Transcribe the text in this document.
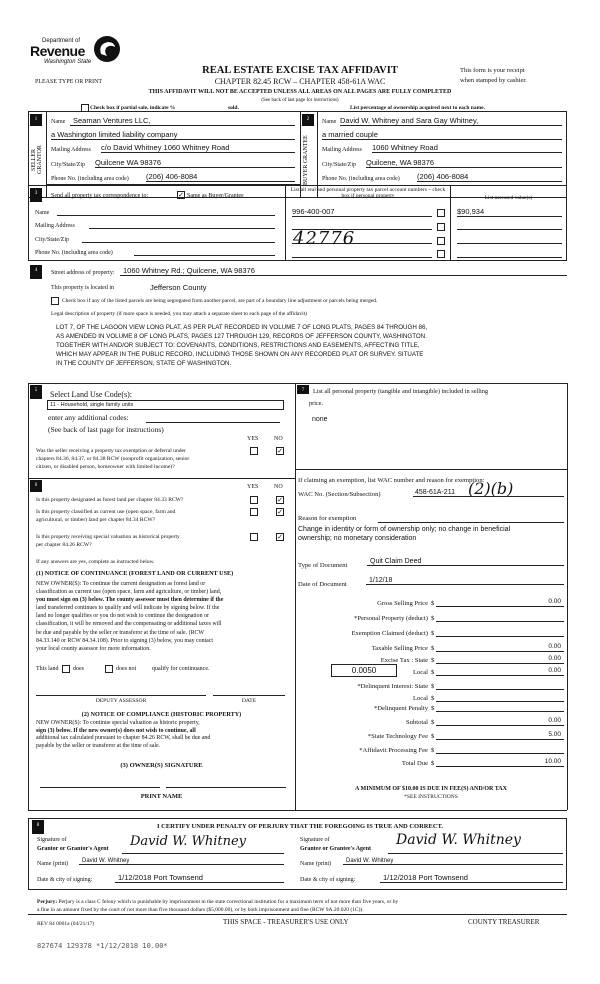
Department of
Revenue
Washington State
REAL ESTATE EXCISE TAX AFFIDAVIT
CHAPTER 82.45 RCW – CHAPTER 458-61A WAC
This form is your receipt
when stamped by cashier.
PLEASE TYPE OR PRINT
THIS AFFIDAVIT WILL NOT BE ACCEPTED UNLESS ALL AREAS ON ALL PAGES ARE FULLY COMPLETED
(See back of last page for instructions)
Check box if partial sale, indicate %	sold.	List percentage of ownership acquired next to each name.
1	2
SELLER GRANTOR	BUYER GRANTEE
Name	Seaman Ventures LLC,
a Washington limited liability company
Mailing Address c/o David Whitney 1060 Whitney Road
City/State/Zip Quilcene WA 98376
Phone No. (including area code) (206) 406-8084
Name David W. Whitney and Sara Gay Whitney,
a married couple
Mailing Address 1060 Whitney Road
City/State/Zip Quilcene, WA 98376
Phone No. (including area code) (206) 406-8084
3	Send all property tax correspondence to:	✓ Same as Buyer/Grantee
Name
Mailing Address
City/State/Zip
Phone No. (including area code)
List all real and personal property tax parcel account numbers – check box if personal property	List assessed value(s)
996-400-007
42776
$90,934
4	Street address of property:	1060 Whitney Rd.; Quilcene, WA 98376
This property is located in	Jefferson County
Check box if any of the listed parcels are being segregated from another parcel, are part of a boundary line adjustment or parcels being merged.
Legal description of property (if more space is needed, you may attach a separate sheet to each page of the affidavit)
LOT 7, OF THE LAGOON VIEW LONG PLAT, AS PER PLAT RECORDED IN VOLUME 7 OF LONG PLATS, PAGES 84 THROUGH 86,
AS AMENDED IN VOLUME 8 OF LONG PLATS, PAGES 127 THROUGH 129, RECORDS OF JEFFERSON COUNTY, WASHINGTON.
TOGETHER WITH AND/OR SUBJECT TO: COVENANTS, CONDITIONS, RESTRICTIONS AND EASEMENTS, AFFECTING TITLE,
WHICH MAY APPEAR IN THE PUBLIC RECORD, INCLUDING THOSE SHOWN ON ANY RECORDED PLAT OR SURVEY. SITUATE
IN THE COUNTY OF JEFFERSON, STATE OF WASHINGTON.
5	Select Land Use Code(s):
11 - Household, single family units
enter any additional codes:
(See back of last page for instructions)
YES	NO
Was the seller receiving a property tax exemption or deferral under
chapters 84.36, 84.37, or 84.38 RCW (nonprofit organization, senior
citizen, or disabled person, homeowner with limited income)?
✓
6	YES	NO
Is this property designated as forest land per chapter 84.33 RCW?	✓
Is this property classified as current use (open space, farm and
agricultural, or timber) land per chapter 84.34 RCW?
✓
Is this property receiving special valuation as historical property
per chapter 84.26 RCW?
✓
If any answers are yes, complete as instructed below.
(1) NOTICE OF CONTINUANCE (FOREST LAND OR CURRENT USE)
NEW OWNER(S): To continue the current designation as forest land or
classification as current use (open space, farm and agriculture, or timber) land,
you must sign on (3) below. The county assessor must then determine if the
land transferred continues to qualify and will indicate by signing below. If the
land no longer qualifies or you do not wish to continue the designation or
classification, it will be removed and the compensating or additional taxes will
be due and payable by the seller or transferor at the time of sale. (RCW
84.33.140 or RCW 84.34.108). Prior to signing (3) below, you may contact
your local county assessor for more information.
This land does	does not	qualify for continuance.
DEPUTY ASSESSOR	DATE
(2) NOTICE OF COMPLIANCE (HISTORIC PROPERTY)
NEW OWNER(S): To continue special valuation as historic property,
sign (3) below. If the new owner(s) does not wish to continue, all
additional tax calculated pursuant to chapter 84.26 RCW, shall be due and
payable by the seller or transferor at the time of sale.
(3) OWNER(S) SIGNATURE
PRINT NAME
7	List all personal property (tangible and intangible) included in selling
price.
none
If claiming an exemption, list WAC number and reason for exemption:
WAC No. (Section/Subsection)	458-61A-211 (2)(b)
Reason for exemption
Change in identity or form of ownership only; no change in beneficial
ownership; no monetary consideration
Type of Document
Quit Claim Deed
Date of Document
1/12/18
0.0050
Gross Selling Price $	0.00
*Personal Property (deduct) $
Exemption Claimed (deduct) $
Taxable Selling Price $	0.00
Excise Tax : State $	0.00
Local $	0.00
*Delinquent Interest: State $
Local $
*Delinquent Penalty $
Subtotal $	0.00
*State Technology Fee $	5.00
*Affidavit Processing Fee $
Total Due $	10.00
A MINIMUM OF $10.00 IS DUE IN FEE(S) AND/OR TAX
*SEE INSTRUCTIONS
8	I CERTIFY UNDER PENALTY OF PERJURY THAT THE FOREGOING IS TRUE AND CORRECT.
Signature of
Grantor or Grantor's Agent David W. Whitney
Name (print)	David W. Whitney
Date & city of signing:	1/12/2018 Port Townsend
Signature of
Grantee or Grantee's Agent
David W. Whitney
Name (print)	David W. Whitney
Date & city of signing:	1/12/2018 Port Townsend
Perjury: Perjury is a class C felony which is punishable by imprisonment in the state correctional institution for a maximum term of not more than five years, or by
a fine in an amount fixed by the court of not more than five thousand dollars ($5,000.00), or by both imprisonment and fine (RCW 9A.20.020 (1C)).
REV 84 0001a (04/21/17)	THIS SPACE - TREASURER'S USE ONLY	COUNTY TREASURER
827674 129378 *1/12/2018 10.00*
